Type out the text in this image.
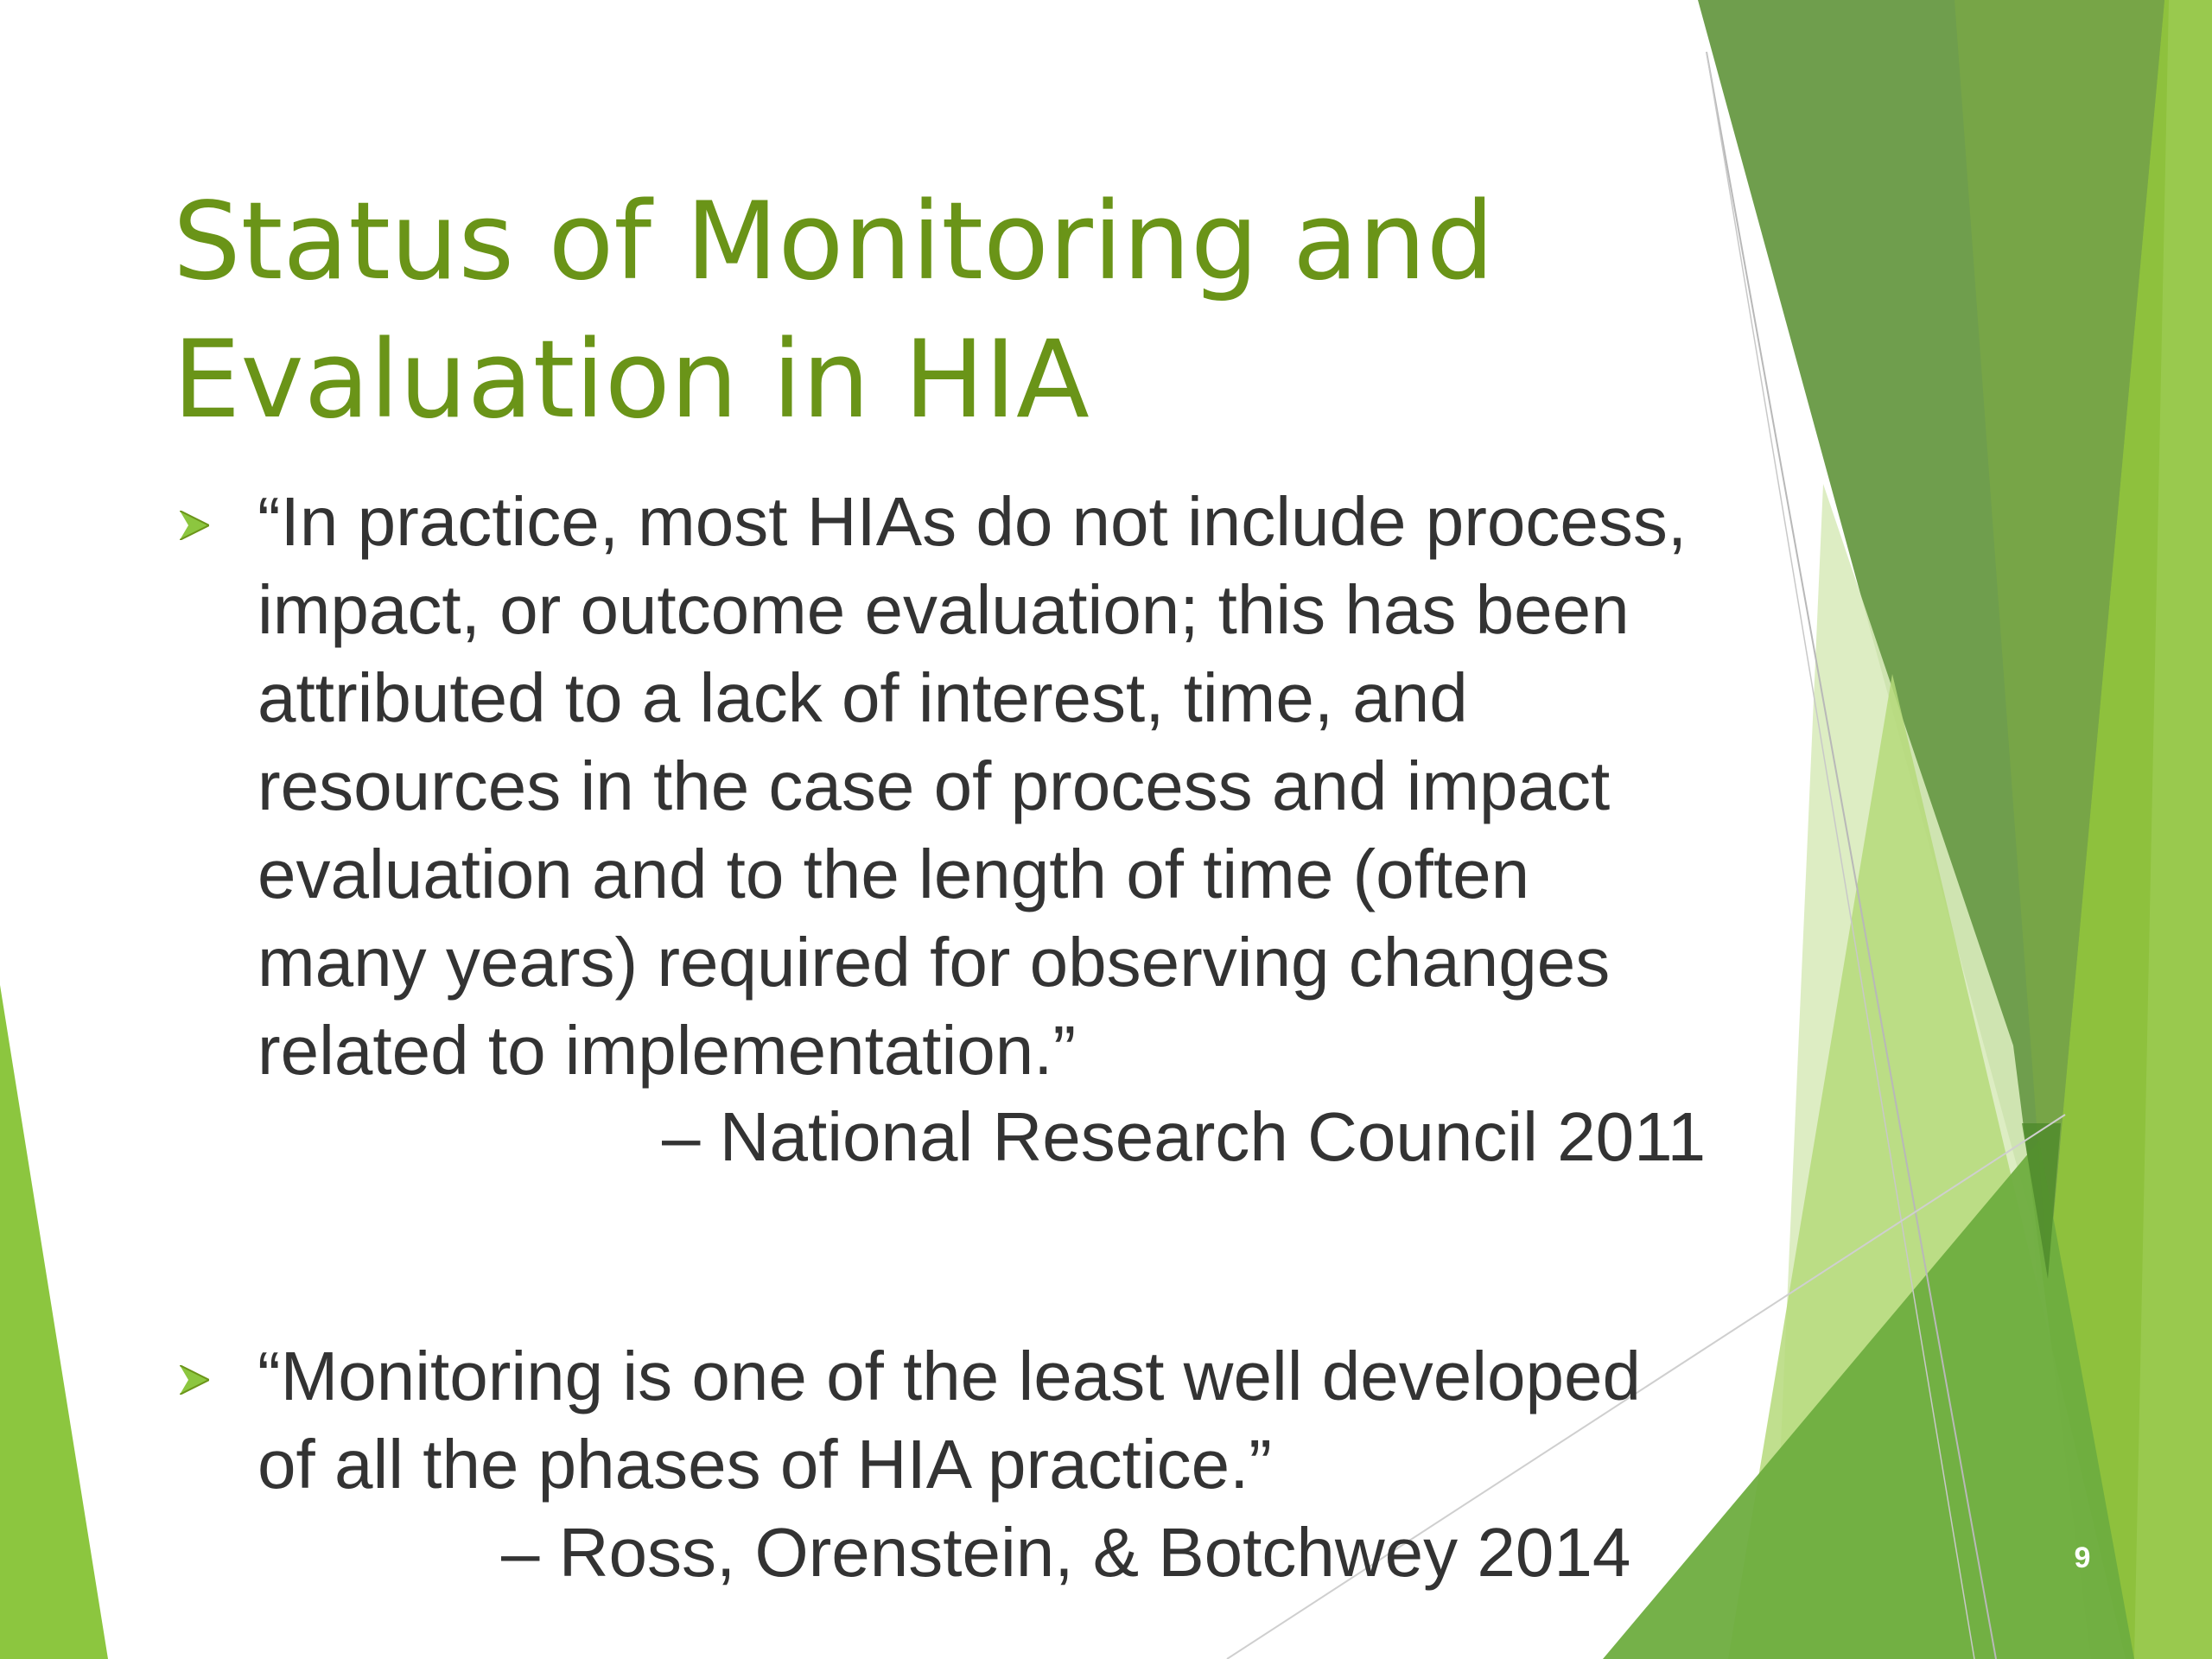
Status of Monitoring and
Evaluation in HIA
“In practice, most HIAs do not include process,
impact, or outcome evaluation; this has been
attributed to a lack of interest, time, and
resources in the case of process and impact
evaluation and to the length of time (often
many years) required for observing changes
related to implementation.”
– National Research Council 2011
“Monitoring is one of the least well developed
of all the phases of HIA practice.”
– Ross, Orenstein, & Botchwey 2014	9
